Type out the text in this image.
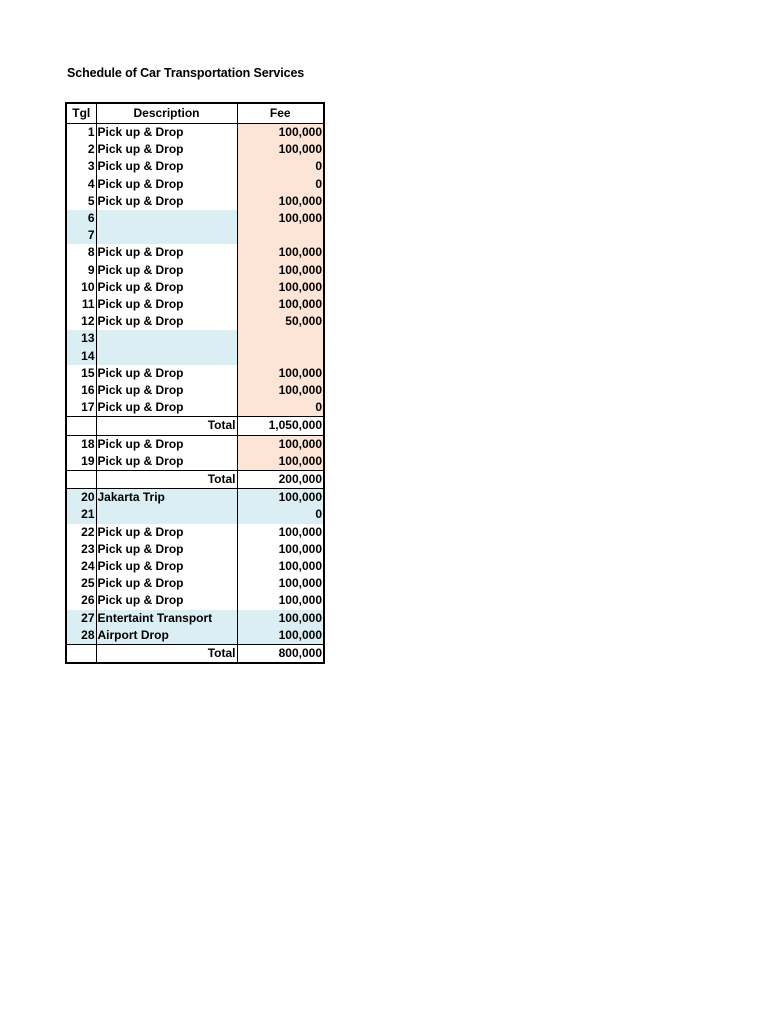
Schedule of Car Transportation Services
Tgl	Description	Fee
1	Pick up & Drop	100,000
2	Pick up & Drop	100,000
3	Pick up & Drop	0
4	Pick up & Drop	0
5	Pick up & Drop	100,000
6		100,000
7		
8	Pick up & Drop	100,000
9	Pick up & Drop	100,000
10	Pick up & Drop	100,000
11	Pick up & Drop	100,000
12	Pick up & Drop	50,000
13		
14		
15	Pick up & Drop	100,000
16	Pick up & Drop	100,000
17	Pick up & Drop	0
	Total	1,050,000
18	Pick up & Drop	100,000
19	Pick up & Drop	100,000
	Total	200,000
20	Jakarta Trip	100,000
21		0
22	Pick up & Drop	100,000
23	Pick up & Drop	100,000
24	Pick up & Drop	100,000
25	Pick up & Drop	100,000
26	Pick up & Drop	100,000
27	Entertaint Transport	100,000
28	Airport Drop	100,000
	Total	800,000
